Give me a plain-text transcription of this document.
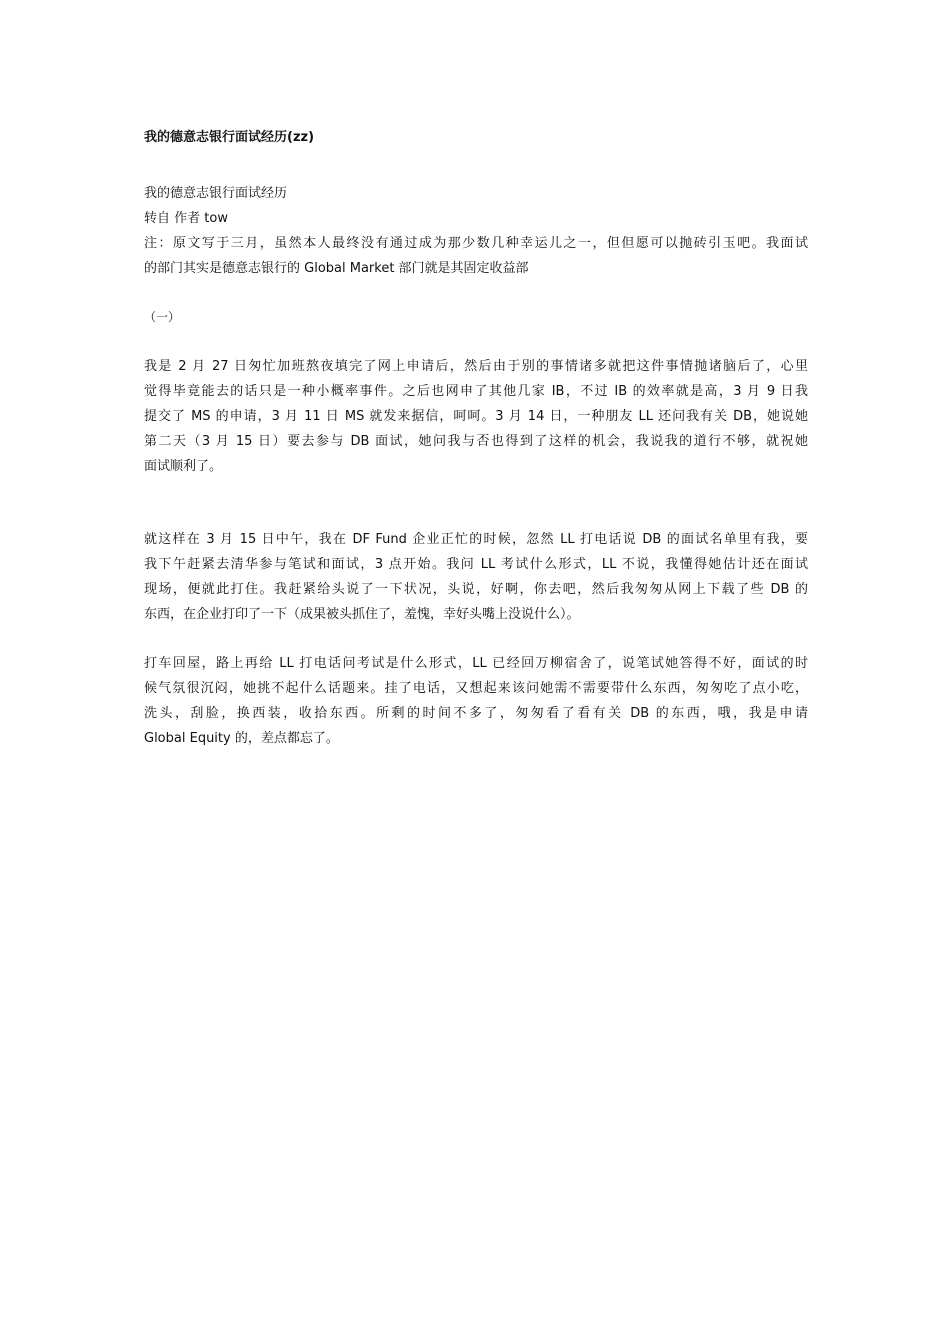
我的德意志银行面试经历(zz)

我的德意志银行面试经历

转自 作者 tow

注：原文写于三月，虽然本人最终没有通过成为那少数几种幸运儿之一，但但愿可以抛砖引玉吧。我面试
的部门其实是德意志银行的 Global Market 部门就是其固定收益部

（一）

我是 2 月 27 日匆忙加班熬夜填完了网上申请后，然后由于别的事情诸多就把这件事情抛诸脑后了，心里
觉得毕竟能去的话只是一种小概率事件。之后也网申了其他几家 IB，不过 IB 的效率就是高，3 月 9 日我
提交了 MS 的申请，3 月 11 日 MS 就发来据信，呵呵。3 月 14 日，一种朋友 LL 还问我有关 DB，她说她
第二天（3 月 15 日）要去参与 DB 面试，她问我与否也得到了这样的机会，我说我的道行不够，就祝她
面试顺利了。

就这样在 3 月 15 日中午，我在 DF Fund 企业正忙的时候，忽然 LL 打电话说 DB 的面试名单里有我，要
我下午赶紧去清华参与笔试和面试，3 点开始。我问 LL 考试什么形式，LL 不说，我懂得她估计还在面试
现场，便就此打住。我赶紧给头说了一下状况，头说，好啊，你去吧，然后我匆匆从网上下载了些 DB 的
东西，在企业打印了一下（成果被头抓住了，羞愧，幸好头嘴上没说什么）。

打车回屋，路上再给 LL 打电话问考试是什么形式，LL 已经回万柳宿舍了，说笔试她答得不好，面试的时
候气氛很沉闷，她挑不起什么话题来。挂了电话，又想起来该问她需不需要带什么东西，匆匆吃了点小吃，
洗头，刮脸，换西装，收拾东西。所剩的时间不多了，匆匆看了看有关 DB 的东西，哦，我是申请
Global Equity 的，差点都忘了。
